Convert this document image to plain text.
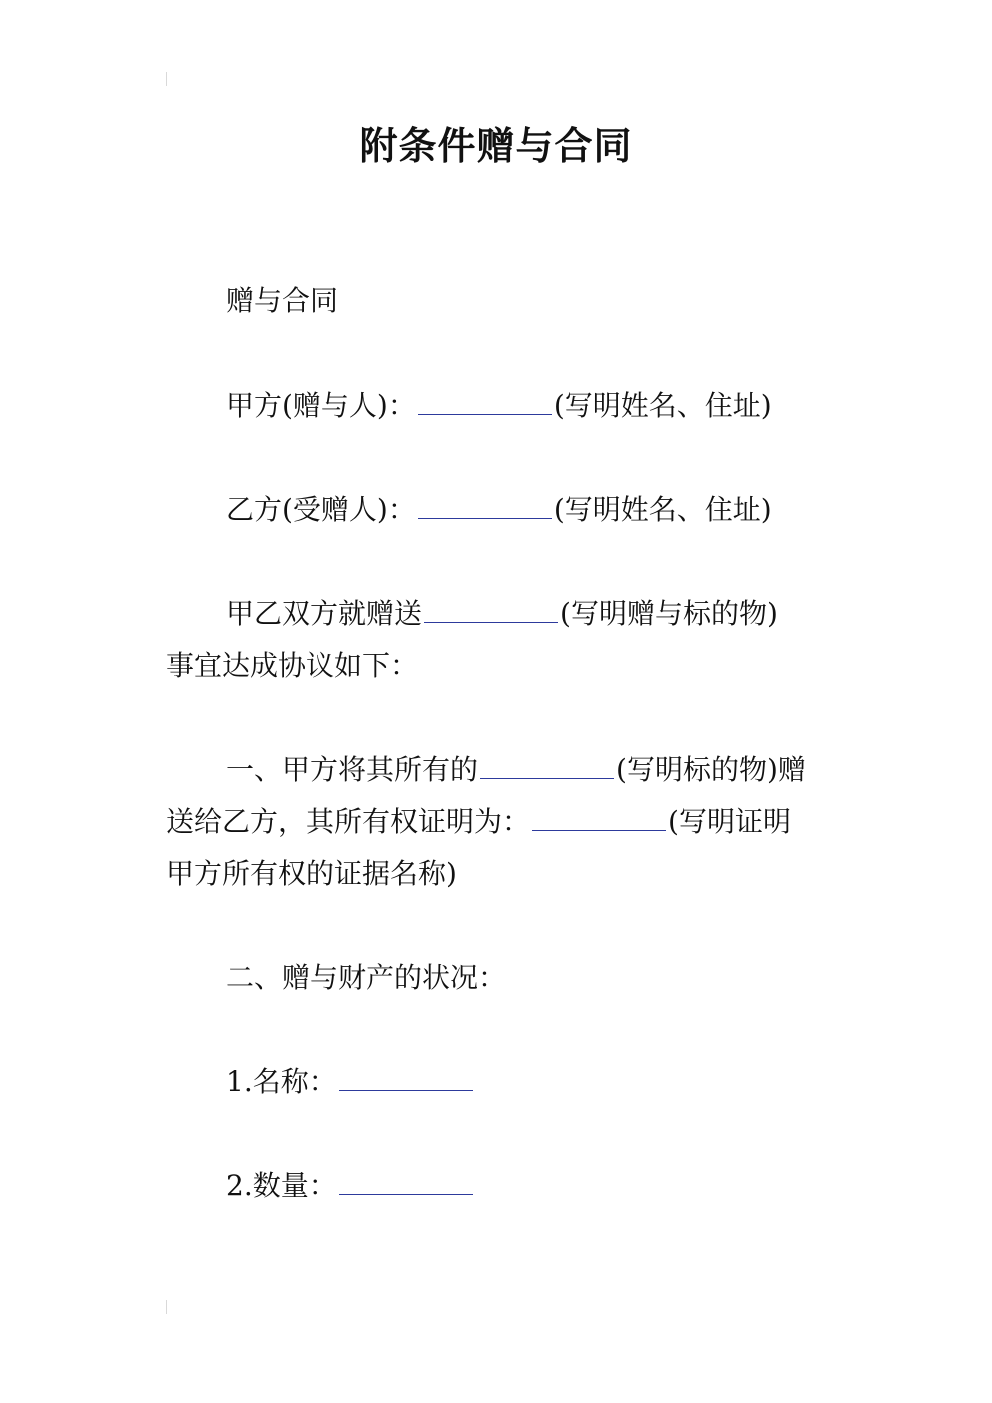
附条件赠与合同
赠与合同
甲方(赠与人)：	(写明姓名、住址)
乙方(受赠人)：	(写明姓名、住址)
甲乙双方就赠送	(写明赠与标的物)
事宜达成协议如下：
一、甲方将其所有的	(写明标的物)赠
送给乙方，其所有权证明为：	(写明证明
甲方所有权的证据名称)
二、赠与财产的状况：
1.名称：
2.数量：
